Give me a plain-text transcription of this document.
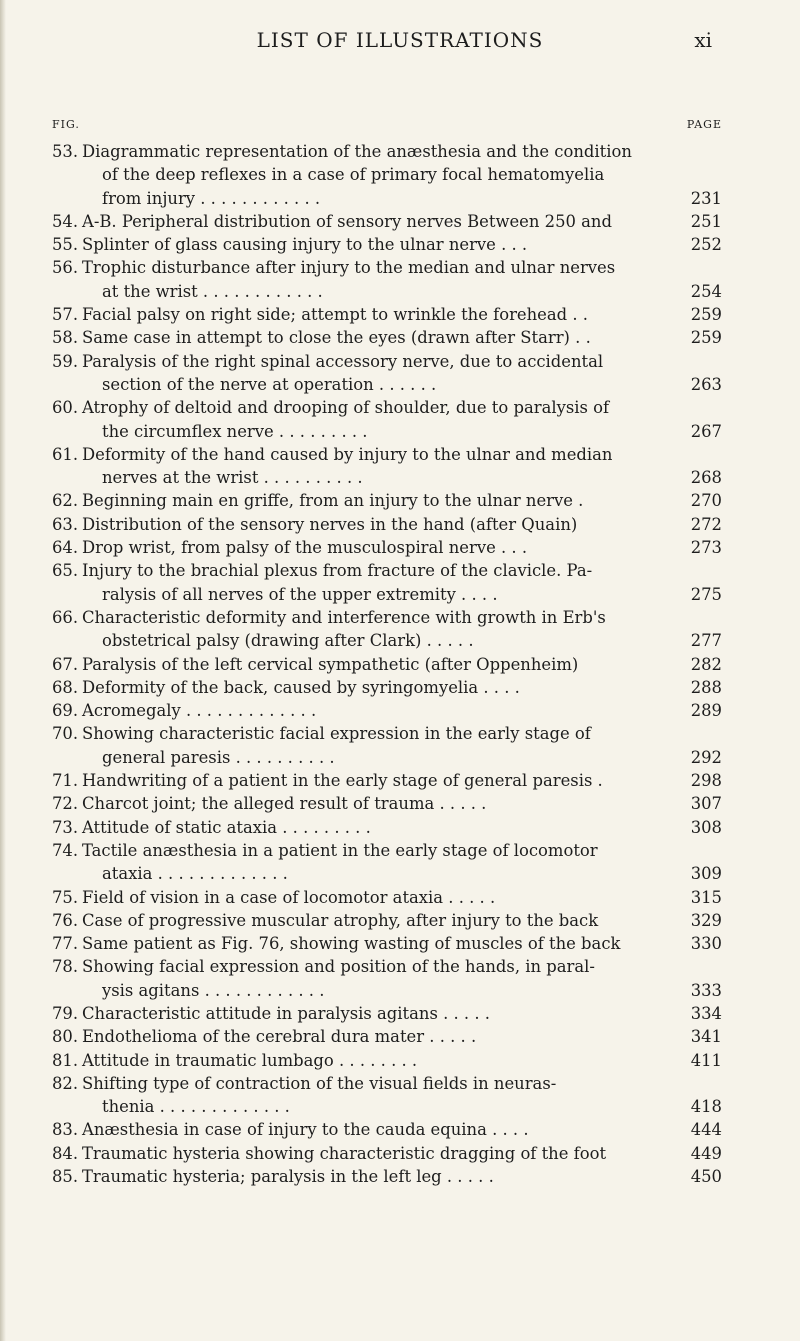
LIST OF ILLUSTRATIONS	xi
FIG.	PAGE
53. Diagrammatic representation of the anæsthesia and the condition
of the deep reflexes in a case of primary focal hematomyelia
from injury . . . . . . . . . . . .	231
54. A-B. Peripheral distribution of sensory nerves Between 250 and	251
55. Splinter of glass causing injury to the ulnar nerve . . .	252
56. Trophic disturbance after injury to the median and ulnar nerves
at the wrist . . . . . . . . . . . .	254
57. Facial palsy on right side; attempt to wrinkle the forehead . .	259
58. Same case in attempt to close the eyes (drawn after Starr) . .	259
59. Paralysis of the right spinal accessory nerve, due to accidental
section of the nerve at operation . . . . . .	263
60. Atrophy of deltoid and drooping of shoulder, due to paralysis of
the circumflex nerve . . . . . . . . .	267
61. Deformity of the hand caused by injury to the ulnar and median
nerves at the wrist . . . . . . . . . .	268
62. Beginning main en griffe, from an injury to the ulnar nerve .	270
63. Distribution of the sensory nerves in the hand (after Quain)	272
64. Drop wrist, from palsy of the musculospiral nerve . . .	273
65. Injury to the brachial plexus from fracture of the clavicle. Pa-
ralysis of all nerves of the upper extremity . . . .	275
66. Characteristic deformity and interference with growth in Erb's
obstetrical palsy (drawing after Clark) . . . . .	277
67. Paralysis of the left cervical sympathetic (after Oppenheim)	282
68. Deformity of the back, caused by syringomyelia . . . .	288
69. Acromegaly . . . . . . . . . . . . .	289
70. Showing characteristic facial expression in the early stage of
general paresis . . . . . . . . . .	292
71. Handwriting of a patient in the early stage of general paresis .	298
72. Charcot joint; the alleged result of trauma . . . . .	307
73. Attitude of static ataxia . . . . . . . . .	308
74. Tactile anæsthesia in a patient in the early stage of locomotor
ataxia . . . . . . . . . . . . .	309
75. Field of vision in a case of locomotor ataxia . . . . .	315
76. Case of progressive muscular atrophy, after injury to the back	329
77. Same patient as Fig. 76, showing wasting of muscles of the back	330
78. Showing facial expression and position of the hands, in paral-
ysis agitans . . . . . . . . . . . .	333
79. Characteristic attitude in paralysis agitans . . . . .	334
80. Endothelioma of the cerebral dura mater . . . . .	341
81. Attitude in traumatic lumbago . . . . . . . .	411
82. Shifting type of contraction of the visual fields in neuras-
thenia . . . . . . . . . . . . .	418
83. Anæsthesia in case of injury to the cauda equina . . . .	444
84. Traumatic hysteria showing characteristic dragging of the foot	449
85. Traumatic hysteria; paralysis in the left leg . . . . .	450
